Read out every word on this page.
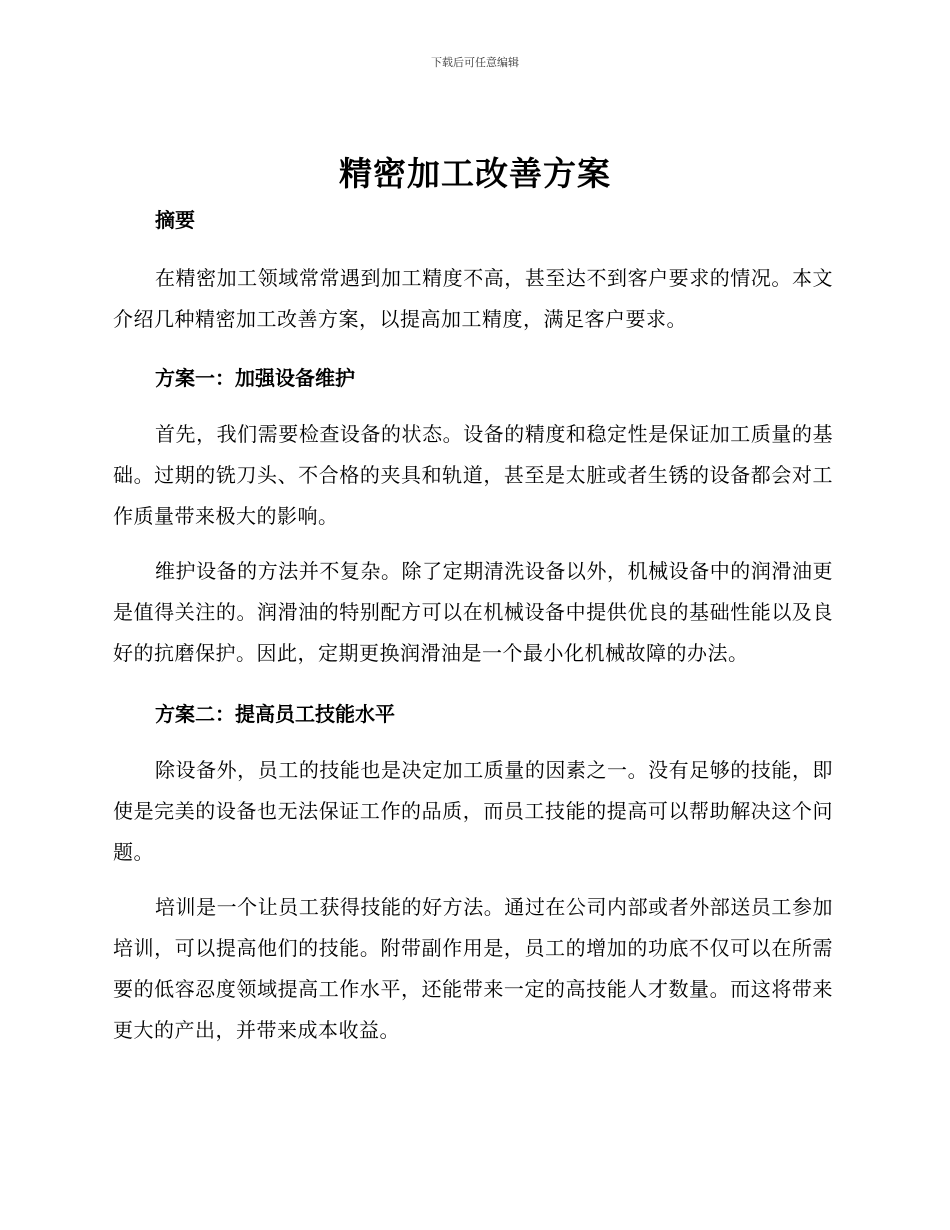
下载后可任意编辑
精密加工改善方案

摘要

在精密加工领域常常遇到加工精度不高，甚至达不到客户要求的情况。本文介绍几种精密加工改善方案，以提高加工精度，满足客户要求。

方案一：加强设备维护

首先，我们需要检查设备的状态。设备的精度和稳定性是保证加工质量的基础。过期的铣刀头、不合格的夹具和轨道，甚至是太脏或者生锈的设备都会对工作质量带来极大的影响。

维护设备的方法并不复杂。除了定期清洗设备以外，机械设备中的润滑油更是值得关注的。润滑油的特别配方可以在机械设备中提供优良的基础性能以及良好的抗磨保护。因此，定期更换润滑油是一个最小化机械故障的办法。

方案二：提高员工技能水平

除设备外，员工的技能也是决定加工质量的因素之一。没有足够的技能，即使是完美的设备也无法保证工作的品质，而员工技能的提高可以帮助解决这个问题。

培训是一个让员工获得技能的好方法。通过在公司内部或者外部送员工参加培训，可以提高他们的技能。附带副作用是，员工的增加的功底不仅可以在所需要的低容忍度领域提高工作水平，还能带来一定的高技能人才数量。而这将带来更大的产出，并带来成本收益。
